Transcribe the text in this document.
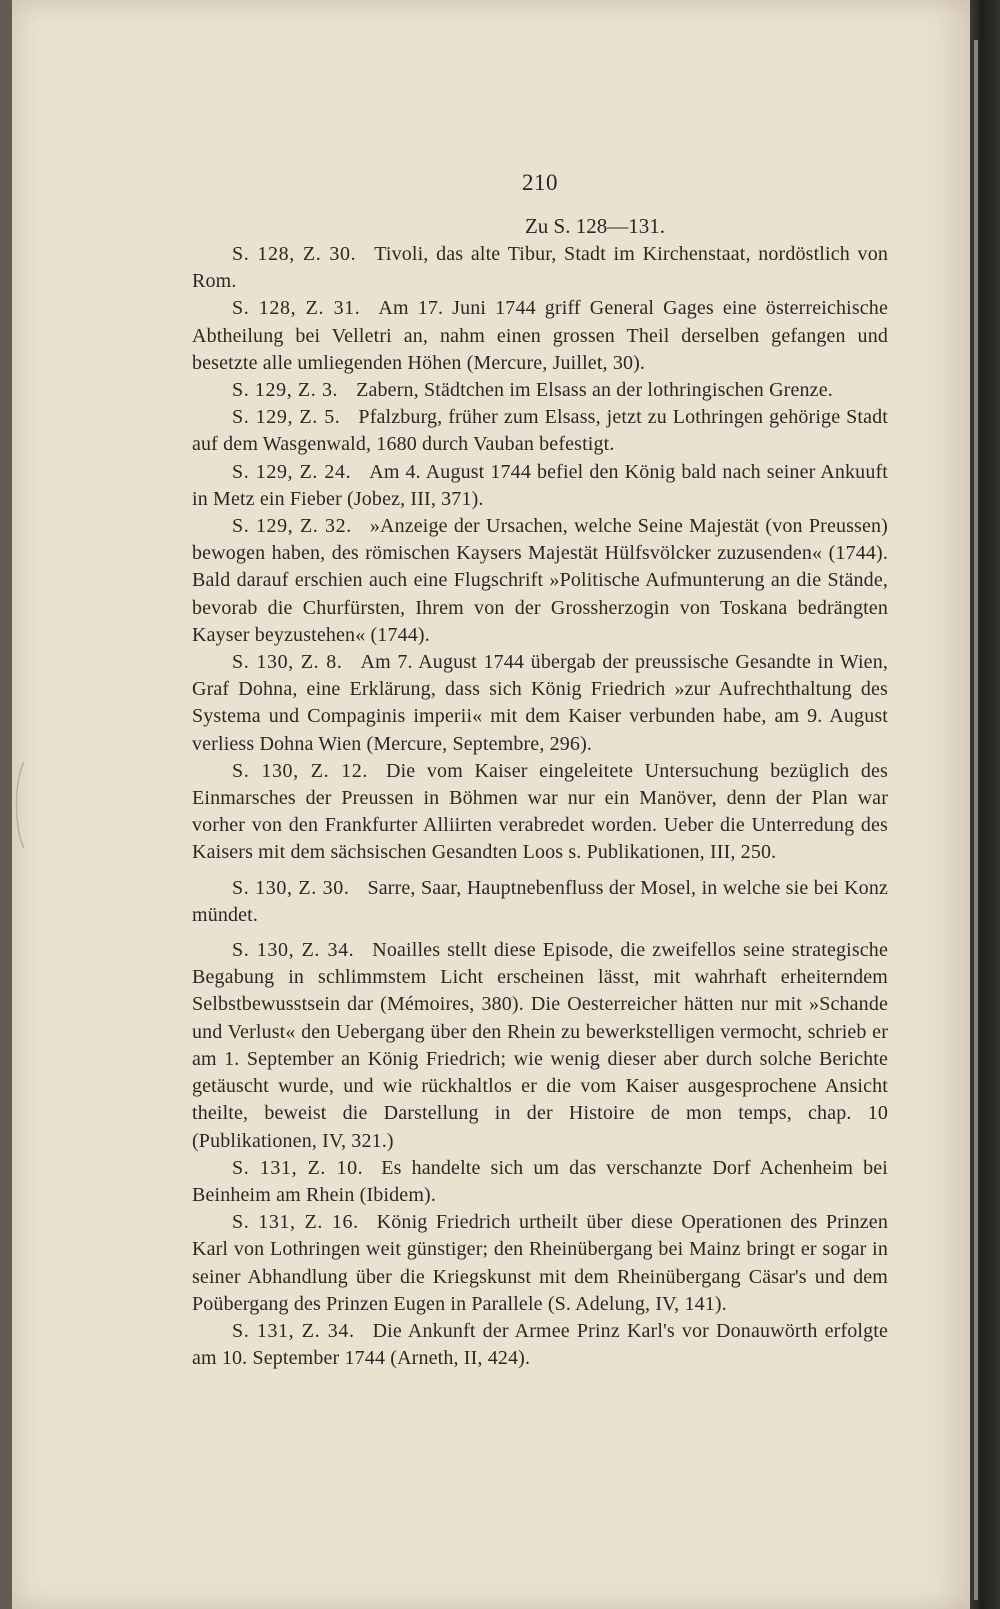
210
Zu S. 128—131.

S. 128, Z. 30. Tivoli, das alte Tibur, Stadt im Kirchenstaat, nordöstlich von Rom.

S. 128, Z. 31. Am 17. Juni 1744 griff General Gages eine österreichische Abtheilung bei Velletri an, nahm einen grossen Theil derselben gefangen und besetzte alle umliegenden Höhen (Mercure, Juillet, 30).

S. 129, Z. 3. Zabern, Städtchen im Elsass an der lothringischen Grenze.

S. 129, Z. 5. Pfalzburg, früher zum Elsass, jetzt zu Lothringen gehörige Stadt auf dem Wasgenwald, 1680 durch Vauban befestigt.

S. 129, Z. 24. Am 4. August 1744 befiel den König bald nach seiner Ankuuft in Metz ein Fieber (Jobez, III, 371).

S. 129, Z. 32. »Anzeige der Ursachen, welche Seine Majestät (von Preussen) bewogen haben, des römischen Kaysers Majestät Hülfsvölcker zuzusenden« (1744). Bald darauf erschien auch eine Flugschrift »Politische Aufmunterung an die Stände, bevorab die Churfürsten, Ihrem von der Grossherzogin von Toskana bedrängten Kayser beyzustehen« (1744).

S. 130, Z. 8. Am 7. August 1744 übergab der preussische Gesandte in Wien, Graf Dohna, eine Erklärung, dass sich König Friedrich »zur Aufrechthaltung des Systema und Compaginis imperii« mit dem Kaiser verbunden habe, am 9. August verliess Dohna Wien (Mercure, Septembre, 296).

S. 130, Z. 12. Die vom Kaiser eingeleitete Untersuchung bezüglich des Einmarsches der Preussen in Böhmen war nur ein Manöver, denn der Plan war vorher von den Frankfurter Alliirten verabredet worden. Ueber die Unterredung des Kaisers mit dem sächsischen Gesandten Loos s. Publikationen, III, 250.

S. 130, Z. 30. Sarre, Saar, Hauptnebenfluss der Mosel, in welche sie bei Konz mündet.

S. 130, Z. 34. Noailles stellt diese Episode, die zweifellos seine strategische Begabung in schlimmstem Licht erscheinen lässt, mit wahrhaft erheiterndem Selbstbewusstsein dar (Mémoires, 380). Die Oesterreicher hätten nur mit »Schande und Verlust« den Uebergang über den Rhein zu bewerkstelligen vermocht, schrieb er am 1. September an König Friedrich; wie wenig dieser aber durch solche Berichte getäuscht wurde, und wie rückhaltlos er die vom Kaiser ausgesprochene Ansicht theilte, beweist die Darstellung in der Histoire de mon temps, chap. 10 (Publikationen, IV, 321.)

S. 131, Z. 10. Es handelte sich um das verschanzte Dorf Achenheim bei Beinheim am Rhein (Ibidem).

S. 131, Z. 16. König Friedrich urtheilt über diese Operationen des Prinzen Karl von Lothringen weit günstiger; den Rheinübergang bei Mainz bringt er sogar in seiner Abhandlung über die Kriegskunst mit dem Rheinübergang Cäsar's und dem Poübergang des Prinzen Eugen in Parallele (S. Adelung, IV, 141).

S. 131, Z. 34. Die Ankunft der Armee Prinz Karl's vor Donauwörth erfolgte am 10. September 1744 (Arneth, II, 424).
